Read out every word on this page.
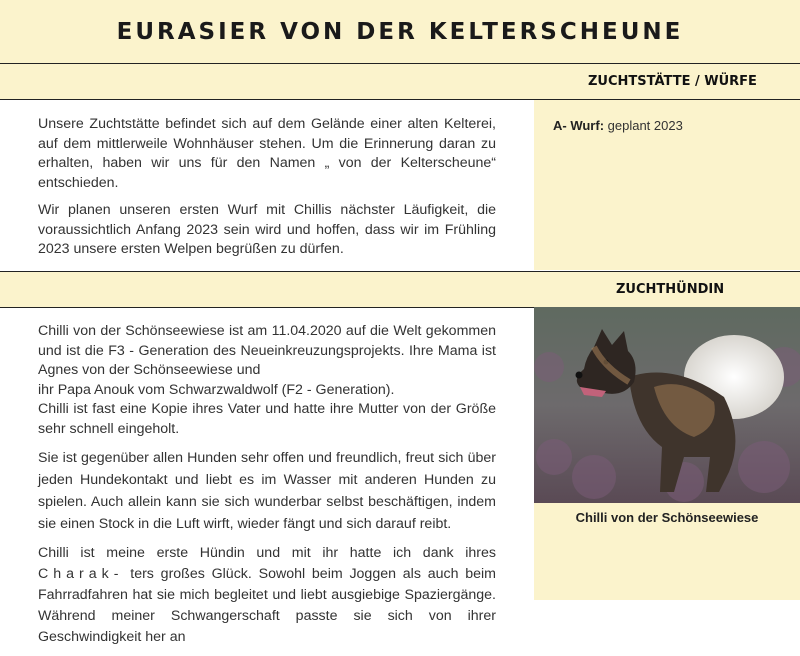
EURASIER VON DER KELTERSCHEUNE
ZUCHTSTÄTTE / WÜRFE

Unsere Zuchtstätte befindet sich auf dem Gelände einer alten Kelterei, auf dem mittlerweile Wohnhäuser stehen. Um die Erinnerung daran zu erhalten, haben wir uns für den Namen „ von der Kelterscheune“ entschieden.

Wir planen unseren ersten Wurf mit Chillis nächster Läufigkeit, die voraussichtlich Anfang 2023 sein wird und hoffen, dass wir im Frühling 2023 unsere ersten Welpen begrüßen zu dürfen.

A- Wurf: geplant 2023

ZUCHTHÜNDIN

Chilli von der Schönseewiese ist am 11.04.2020 auf die Welt gekommen und ist die F3 - Generation des Neueinkreuzungsprojekts. Ihre Mama ist Agnes von der Schönseewiese und
ihr Papa Anouk vom Schwarzwaldwolf (F2 - Generation).
Chilli ist fast eine Kopie ihres Vater und hatte ihre Mutter von der Größe sehr schnell eingeholt.

Sie ist gegenüber allen Hunden sehr offen und freundlich, freut sich über jeden Hundekontakt und liebt es im Wasser mit anderen Hunden zu spielen. Auch allein kann sie sich wunderbar selbst beschäftigen, indem sie einen Stock in die Luft wirft, wieder fängt und sich darauf reibt.

Chilli ist meine erste Hündin und mit ihr hatte ich dank ihres Charak- ters großes Glück. Sowohl beim Joggen als auch beim Fahrradfahren hat sie mich begleitet und liebt ausgiebige Spaziergänge. Während meiner Schwangerschaft passte sie sich von ihrer Geschwindigkeit her an

Chilli von der Schönseewiese
